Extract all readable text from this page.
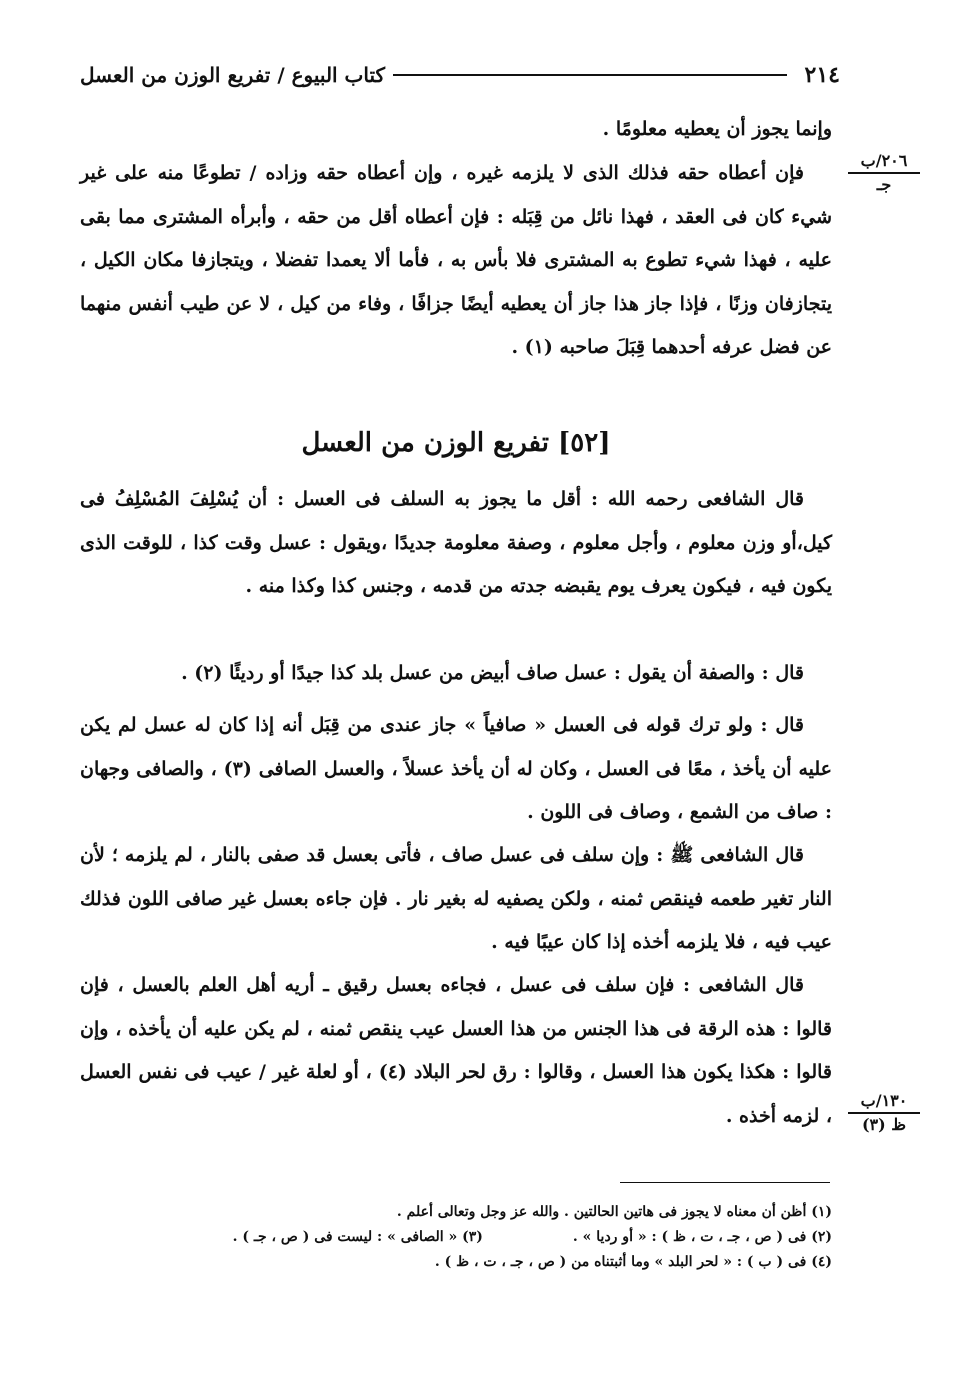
٢١٤
كتاب البيوع / تفريع الوزن من العسل
٢٠٦/ب
جـ
١٣٠/ب
ظ (٣)

وإنما يجوز أن يعطيه معلومًا .

فإن أعطاه حقه فذلك الذى لا يلزمه غيره ، وإن أعطاه حقه وزاده / تطوعًا منه على غير شيء كان فى العقد ، فهذا نائل من قِبَله : فإن أعطاه أقل من حقه ، وأبرأه المشترى مما بقى عليه ، فهذا شيء تطوع به المشترى فلا بأس به ، فأما ألا يعمدا تفضلا ، ويتجازفا مكان الكيل ، يتجازفان وزنًا ، فإذا جاز هذا جاز أن يعطيه أيضًا جزافًا ، وفاء من كيل ، لا عن طيب أنفس منهما عن فضل عرفه أحدهما قِبَلَ صاحبه (١) .

[٥٢] تفريع الوزن من العسل

قال الشافعى رحمه الله : أقل ما يجوز به السلف فى العسل : أن يُسْلِفَ المُسْلِفُ فى كيل،أو وزن معلوم ، وأجل معلوم ، وصفة معلومة جديدًا ،ويقول : عسل وقت كذا ، للوقت الذى يكون فيه ، فيكون يعرف يوم يقبضه جدته من قدمه ، وجنس كذا وكذا منه .

قال : والصفة أن يقول : عسل صاف أبيض من عسل بلد كذا جيدًا أو رديئًا (٢) .

قال : ولو ترك قوله فى العسل « صافياً » جاز عندى من قِبَل أنه إذا كان له عسل لم يكن عليه أن يأخذ ، معًا فى العسل ، وكان له أن يأخذ عسلاً ، والعسل الصافى (٣) ، والصافى وجهان : صاف من الشمع ، وصاف فى اللون .

قال الشافعى ﷺ : وإن سلف فى عسل صاف ، فأتى بعسل قد صفى بالنار ، لم يلزمه ؛ لأن النار تغير طعمه فينقص ثمنه ، ولكن يصفيه له بغير نار . فإن جاءه بعسل غير صافى اللون فذلك عيب فيه ، فلا يلزمه أخذه إذا كان عيبًا فيه .

قال الشافعى : فإن سلف فى عسل ، فجاءه بعسل رقيق ـ أريه أهل العلم بالعسل ، فإن قالوا : هذه الرقة فى هذا الجنس من هذا العسل عيب ينقص ثمنه ، لم يكن عليه أن يأخذه ، وإن قالوا : هكذا يكون هذا العسل ، وقالوا : رق لحر البلاد (٤) ، أو لعلة غير / عيب فى نفس العسل ، لزمه أخذه .

(١) أظن أن معناه لا يجوز فى هاتين الحالتين . والله عز وجل وتعالى أعلم .
(٢) فى ( ص ، جـ ، ت ، ظ ) : « أو رديا » .
(٣) « الصافى » : ليست فى ( ص ، جـ ) .
(٤) فى ( ب ) : « لحر البلد » وما أثبتناه من ( ص ، جـ ، ت ، ظ ) .
